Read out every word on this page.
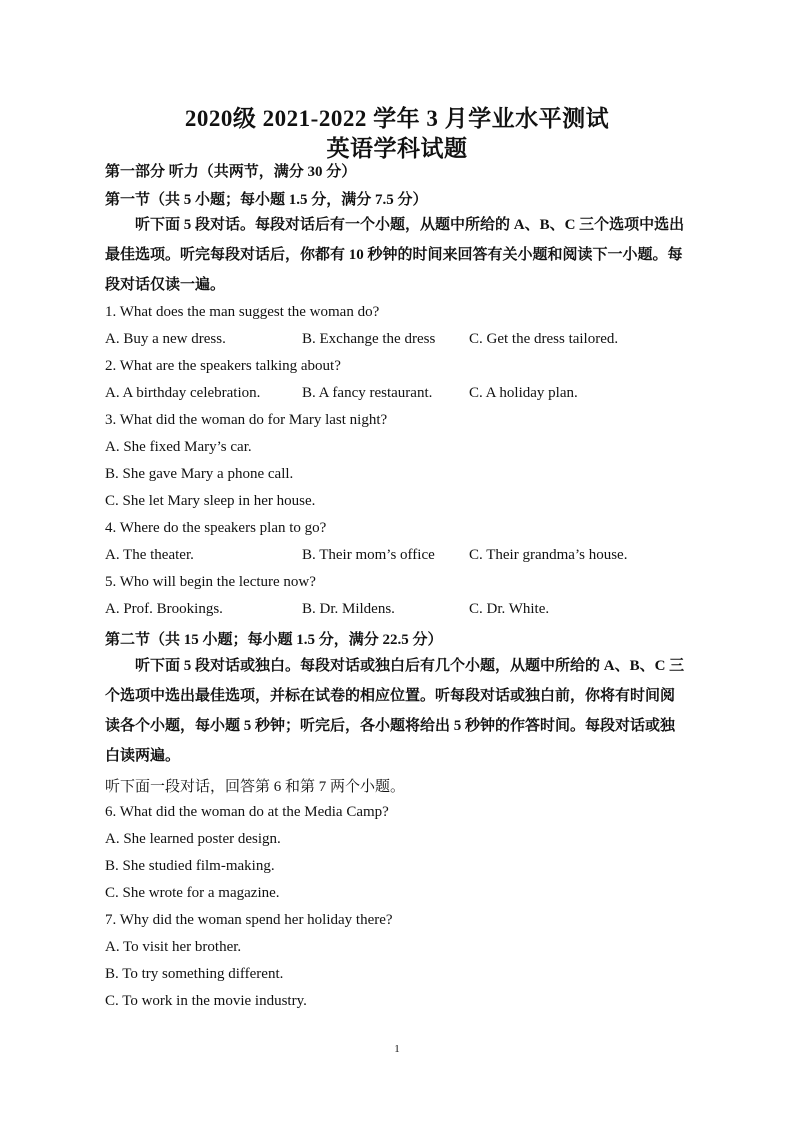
2020级 2021-2022 学年 3 月学业水平测试
英语学科试题
第一部分 听力（共两节，满分 30 分）
第一节（共 5 小题；每小题 1.5 分，满分 7.5 分）
听下面 5 段对话。每段对话后有一个小题，从题中所给的 A、B、C 三个选项中选出最佳选项。听完每段对话后，你都有 10 秒钟的时间来回答有关小题和阅读下一小题。每段对话仅读一遍。
1. What does the man suggest the woman do?
A. Buy a new dress.	B. Exchange the dress C. Get the dress tailored.
2. What are the speakers talking about?
A. A birthday celebration.	B. A fancy restaurant. C. A holiday plan.
3. What did the woman do for Mary last night?
A. She fixed Mary’s car.
B. She gave Mary a phone call.
C. She let Mary sleep in her house.
4. Where do the speakers plan to go?
A. The theater.	B. Their mom’s office C. Their grandma’s house.
5. Who will begin the lecture now?
A. Prof. Brookings.	B. Dr. Mildens.	C. Dr. White.
第二节（共 15 小题；每小题 1.5 分，满分 22.5 分）
听下面 5 段对话或独白。每段对话或独白后有几个小题，从题中所给的 A、B、C 三个选项中选出最佳选项，并标在试卷的相应位置。听每段对话或独白前，你将有时间阅读各个小题，每小题 5 秒钟；听完后，各小题将给出 5 秒钟的作答时间。每段对话或独白读两遍。
听下面一段对话，回答第 6 和第 7 两个小题。
6. What did the woman do at the Media Camp?
A. She learned poster design.
B. She studied film-making.
C. She wrote for a magazine.
7. Why did the woman spend her holiday there?
A. To visit her brother.
B. To try something different.
C. To work in the movie industry.
1
